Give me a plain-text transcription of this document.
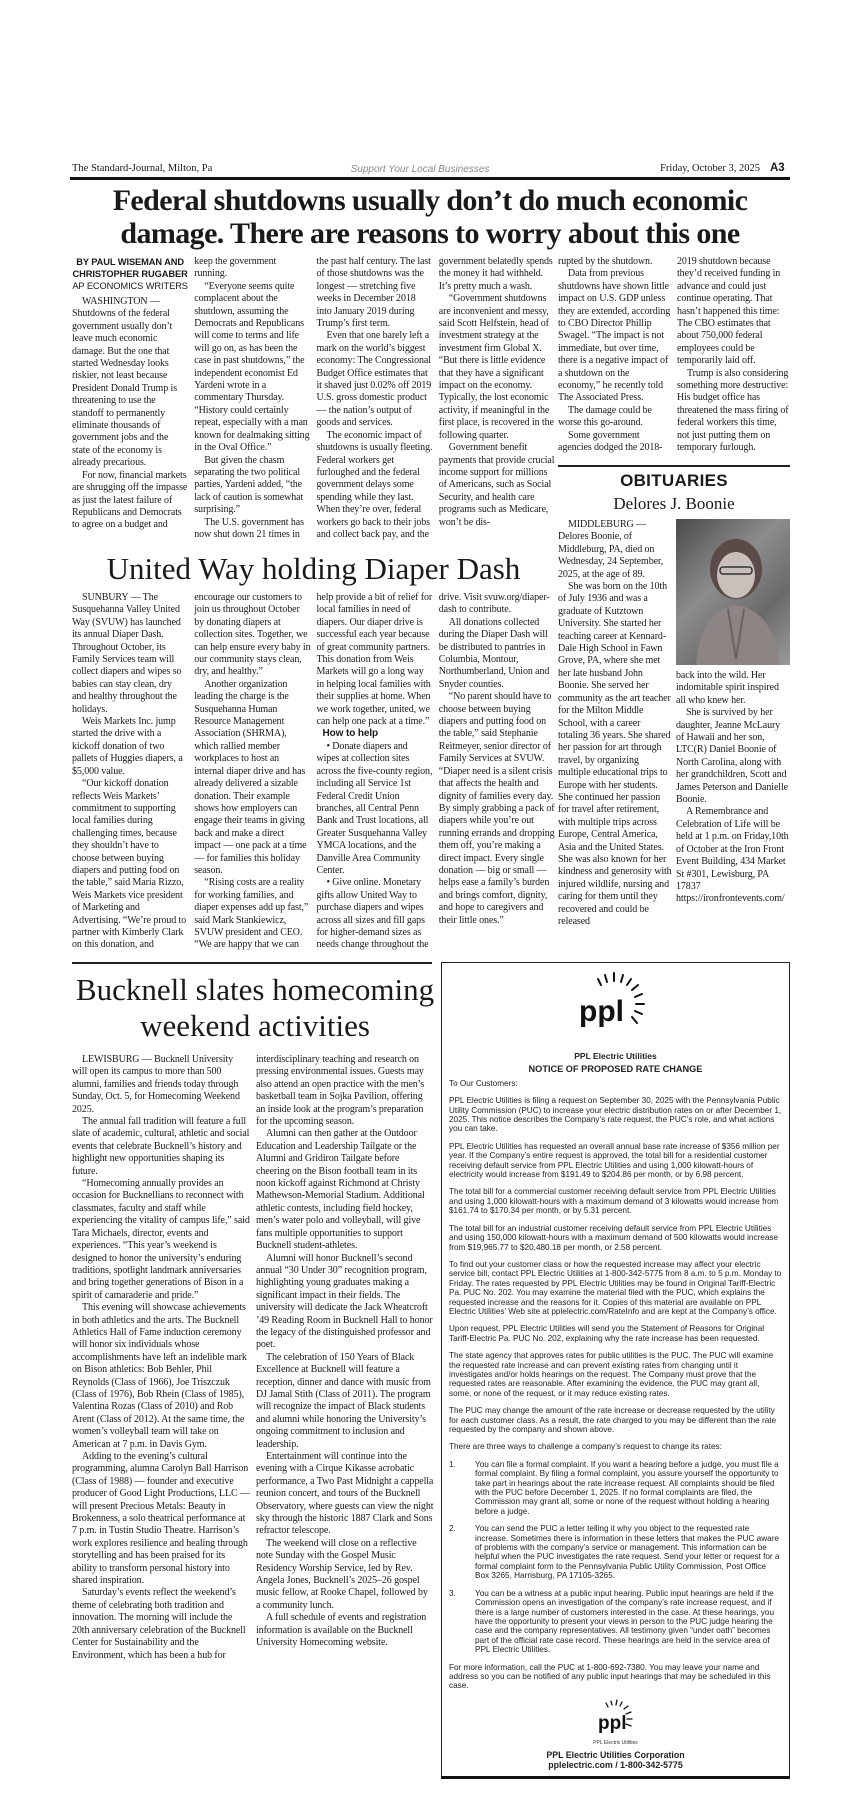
The Standard-Journal, Milton, Pa	Support Your Local Businesses	Friday, October 3, 2025 A3
Federal shutdowns usually don’t do much economic
damage. There are reasons to worry about this one
BY PAUL WISEMAN AND CHRISTOPHER RUGABER
AP ECONOMICS WRITERS

WASHINGTON — Shutdowns of the federal government usually don’t leave much economic damage. But the one that started Wednesday looks riskier, not least because President Donald Trump is threatening to use the standoff to permanently eliminate thousands of government jobs and the state of the economy is already precarious.

For now, financial markets are shrugging off the impasse as just the latest failure of Republicans and Democrats to agree on a budget and keep the government running.

“Everyone seems quite complacent about the shutdown, assuming the Democrats and Republicans will come to terms and life will go on, as has been the case in past shutdowns,” the independent economist Ed Yardeni wrote in a commentary Thursday. “History could certainly repeat, especially with a man known for dealmaking sitting in the Oval Office.”

But given the chasm separating the two political parties, Yardeni added, “the lack of caution is somewhat surprising.”

The U.S. government has now shut down 21 times in the past half century. The last of those shutdowns was the longest — stretching five weeks in December 2018 into January 2019 during Trump’s first term.

Even that one barely left a mark on the world’s biggest economy: The Congressional Budget Office estimates that it shaved just 0.02% off 2019 U.S. gross domestic product — the nation’s output of goods and services.

The economic impact of shutdowns is usually fleeting. Federal workers get furloughed and the federal government delays some spending while they last. When they’re over, federal workers go back to their jobs and collect back pay, and the government belatedly spends the money it had withheld. It’s pretty much a wash.

“Government shutdowns are inconvenient and messy, said Scott Helfstein, head of investment strategy at the investment firm Global X. “But there is little evidence that they have a significant impact on the economy. Typically, the lost economic activity, if meaningful in the first place, is recovered in the following quarter.

Government benefit payments that provide crucial income support for millions of Americans, such as Social Security, and health care programs such as Medicare, won’t be dis-

rupted by the shutdown.

Data from previous shutdowns have shown little impact on U.S. GDP unless they are extended, according to CBO Director Phillip Swagel. “The impact is not immediate, but over time, there is a negative impact of a shutdown on the economy,” he recently told The Associated Press.

The damage could be worse this go-around.

Some government agencies dodged the 2018-2019 shutdown because they’d received funding in advance and could just continue operating. That hasn’t happened this time: The CBO estimates that about 750,000 federal employees could be temporarily laid off.

Trump is also considering something more destructive: His budget office has threatened the mass firing of federal workers this time, not just putting them on temporary furlough.

OBITUARIES
Delores J. Boonie

MIDDLEBURG — Delores Boonie, of Middleburg, PA, died on Wednesday, 24 September, 2025, at the age of 89.

She was born on the 10th of July 1936 and was a graduate of Kutztown University. She started her teaching career at Kennard-Dale High School in Fawn Grove, PA, where she met her late husband John Boonie. She served her community as the art teacher for the Milton Middle School, with a career totaling 36 years. She shared her passion for art through travel, by organizing multiple educational trips to Europe with her students. She continued her passion for travel after retirement, with multiple trips across Europe, Central America, Asia and the United States. She was also known for her kindness and generosity with injured wildlife, nursing and caring for them until they recovered and could be released

back into the wild. Her indomitable spirit inspired all who knew her.

She is survived by her daughter, Jeanne McLaury of Hawaii and her son, LTC(R) Daniel Boonie of North Carolina, along with her grandchildren, Scott and James Peterson and Danielle Boonie.

A Remembrance and Celebration of Life will be held at 1 p.m. on Friday,10th of October at the Iron Front Event Building, 434 Market St #301, Lewisburg, PA 17837 https://ironfrontevents.com/

United Way holding Diaper Dash

SUNBURY — The Susquehanna Valley United Way (SVUW) has launched its annual Diaper Dash. Throughout October, its Family Services team will collect diapers and wipes so babies can stay clean, dry and healthy throughout the holidays.

Weis Markets Inc. jump started the drive with a kickoff donation of two pallets of Huggies diapers, a $5,000 value.

“Our kickoff donation reflects Weis Markets’ commitment to supporting local families during challenging times, because they shouldn’t have to choose between buying diapers and putting food on the table,” said Maria Rizzo, Weis Markets vice president of Marketing and Advertising. “We’re proud to partner with Kimberly Clark on this donation, and encourage our customers to join us throughout October by donating diapers at collection sites. Together, we can help ensure every baby in our community stays clean, dry, and healthy.”

Another organization leading the charge is the Susquehanna Human Resource Management Association (SHRMA), which rallied member workplaces to host an internal diaper drive and has already delivered a sizable donation. Their example shows how employers can engage their teams in giving back and make a direct impact — one pack at a time — for families this holiday season.

“Rising costs are a reality for working families, and diaper expenses add up fast,” said Mark Stankiewicz, SVUW president and CEO. “We are happy that we can help provide a bit of relief for local families in need of diapers. Our diaper drive is successful each year because of great community partners. This donation from Weis Markets will go a long way in helping local families with their supplies at home. When we work together, united, we can help one pack at a time.”

How to help

• Donate diapers and wipes at collection sites across the five-county region, including all Service 1st Federal Credit Union branches, all Central Penn Bank and Trust locations, all Greater Susquehanna Valley YMCA locations, and the Danville Area Community Center.

• Give online. Monetary gifts allow United Way to purchase diapers and wipes across all sizes and fill gaps for higher-demand sizes as needs change throughout the drive. Visit svuw.org/diaper-dash to contribute.

All donations collected during the Diaper Dash will be distributed to pantries in Columbia, Montour, Northumberland, Union and Snyder counties.

“No parent should have to choose between buying diapers and putting food on the table,” said Stephanie Reitmeyer, senior director of Family Services at SVUW. “Diaper need is a silent crisis that affects the health and dignity of families every day. By simply grabbing a pack of diapers while you’re out running errands and dropping them off, you’re making a direct impact. Every single donation — big or small — helps ease a family’s burden and brings comfort, dignity, and hope to caregivers and their little ones.”

Bucknell slates homecoming
weekend activities

LEWISBURG — Bucknell University will open its campus to more than 500 alumni, families and friends today through Sunday, Oct. 5, for Homecoming Weekend 2025.

The annual fall tradition will feature a full slate of academic, cultural, athletic and social events that celebrate Bucknell’s history and highlight new opportunities shaping its future.

“Homecoming annually provides an occasion for Bucknellians to reconnect with classmates, faculty and staff while experiencing the vitality of campus life,” said Tara Michaels, director, events and experiences. “This year’s weekend is designed to honor the university’s enduring traditions, spotlight landmark anniversaries and bring together generations of Bison in a spirit of camaraderie and pride.”

This evening will showcase achievements in both athletics and the arts. The Bucknell Athletics Hall of Fame induction ceremony will honor six individuals whose accomplishments have left an indelible mark on Bison athletics: Bob Behler, Phil Reynolds (Class of 1966), Joe Triszczuk (Class of 1976), Bob Rhein (Class of 1985), Valentina Rozas (Class of 2010) and Rob Arent (Class of 2012). At the same time, the women’s volleyball team will take on American at 7 p.m. in Davis Gym.

Adding to the evening’s cultural programming, alumna Carolyn Ball Harrison (Class of 1988) — founder and executive producer of Good Light Productions, LLC — will present Precious Metals: Beauty in Brokenness, a solo theatrical performance at 7 p.m. in Tustin Studio Theatre. Harrison’s work explores resilience and healing through storytelling and has been praised for its ability to transform personal history into shared inspiration.

Saturday’s events reflect the weekend’s theme of celebrating both tradition and innovation. The morning will include the 20th anniversary celebration of the Bucknell Center for Sustainability and the Environment, which has been a hub for interdisciplinary teaching and research on pressing environmental issues. Guests may also attend an open practice with the men’s basketball team in Sojka Pavilion, offering an inside look at the program’s preparation for the upcoming season.

Alumni can then gather at the Outdoor Education and Leadership Tailgate or the Alumni and Gridiron Tailgate before cheering on the Bison football team in its noon kickoff against Richmond at Christy Mathewson-Memorial Stadium. Additional athletic contests, including field hockey, men’s water polo and volleyball, will give fans multiple opportunities to support Bucknell student-athletes.

Alumni will honor Bucknell’s second annual “30 Under 30” recognition program, highlighting young graduates making a significant impact in their fields. The university will dedicate the Jack Wheatcroft ’49 Reading Room in Bucknell Hall to honor the legacy of the distinguished professor and poet.

The celebration of 150 Years of Black Excellence at Bucknell will feature a reception, dinner and dance with music from DJ Jamal Stith (Class of 2011). The program will recognize the impact of Black students and alumni while honoring the University’s ongoing commitment to inclusion and leadership.

Entertainment will continue into the evening with a Cirque Kikasse acrobatic performance, a Two Past Midnight a cappella reunion concert, and tours of the Bucknell Observatory, where guests can view the night sky through the historic 1887 Clark and Sons refractor telescope.

The weekend will close on a reflective note Sunday with the Gospel Music Residency Worship Service, led by Rev. Angela Jones, Bucknell’s 2025–26 gospel music fellow, at Rooke Chapel, followed by a community lunch.

A full schedule of events and registration information is available on the Bucknell University Homecoming website.

ppl
PPL Electric Utilities
NOTICE OF PROPOSED RATE CHANGE

To Our Customers:

PPL Electric Utilities is filing a request on September 30, 2025 with the Pennsylvania Public Utility Commission (PUC) to increase your electric distribution rates on or after December 1, 2025. This notice describes the Company’s rate request, the PUC’s role, and what actions you can take.

PPL Electric Utilities has requested an overall annual base rate increase of $356 million per year. If the Company’s entire request is approved, the total bill for a residential customer receiving default service from PPL Electric Utilities and using 1,000 kilowatt-hours of electricity would increase from $191.49 to $204.86 per month, or by 6.98 percent.

The total bill for a commercial customer receiving default service from PPL Electric Utilities and using 1,000 kilowatt-hours with a maximum demand of 3 kilowatts would increase from $161.74 to $170.34 per month, or by 5.31 percent.

The total bill for an industrial customer receiving default service from PPL Electric Utilities and using 150,000 kilowatt-hours with a maximum demand of 500 kilowatts would increase from $19,965.77 to $20,480.18 per month, or 2.58 percent.

To find out your customer class or how the requested increase may affect your electric service bill, contact PPL Electric Utilities at 1-800-342-5775 from 8 a.m. to 5 p.m. Monday to Friday. The rates requested by PPL Electric Utilities may be found in Original Tariff-Electric Pa. PUC No. 202. You may examine the material filed with the PUC, which explains the requested increase and the reasons for it. Copies of this material are available on PPL Electric Utilities’ Web site at pplelectric.com/RateInfo and are kept at the Company’s office.

Upon request, PPL Electric Utilities will send you the Statement of Reasons for Original Tariff-Electric Pa. PUC No. 202, explaining why the rate increase has been requested.

The state agency that approves rates for public utilities is the PUC. The PUC will examine the requested rate increase and can prevent existing rates from changing until it investigates and/or holds hearings on the request. The Company must prove that the requested rates are reasonable. After examining the evidence, the PUC may grant all, some, or none of the request, or it may reduce existing rates.

The PUC may change the amount of the rate increase or decrease requested by the utility for each customer class. As a result, the rate charged to you may be different than the rate requested by the company and shown above.

There are three ways to challenge a company’s request to change its rates:

1.	You can file a formal complaint. If you want a hearing before a judge, you must file a formal complaint. By filing a formal complaint, you assure yourself the opportunity to take part in hearings about the rate increase request. All complaints should be filed with the PUC before December 1, 2025. If no formal complaints are filed, the Commission may grant all, some or none of the request without holding a hearing before a judge.
2.	You can send the PUC a letter telling it why you object to the requested rate increase. Sometimes there is information in these letters that makes the PUC aware of problems with the company’s service or management. This information can be helpful when the PUC investigates the rate request. Send your letter or request for a formal complaint form to the Pennsylvania Public Utility Commission, Post Office Box 3265, Harrisburg, PA 17105-3265.
3.	You can be a witness at a public input hearing. Public input hearings are held if the Commission opens an investigation of the company’s rate increase request, and if there is a large number of customers interested in the case. At these hearings, you have the opportunity to present your views in person to the PUC judge hearing the case and the company representatives. All testimony given “under oath” becomes part of the official rate case record. These hearings are held in the service area of PPL Electric Utilities.

For more information, call the PUC at 1-800-692-7380. You may leave your name and address so you can be notified of any public input hearings that may be scheduled in this case.

ppl
PPL Electric Utilities
PPL Electric Utilities Corporation
pplelectric.com / 1-800-342-5775
